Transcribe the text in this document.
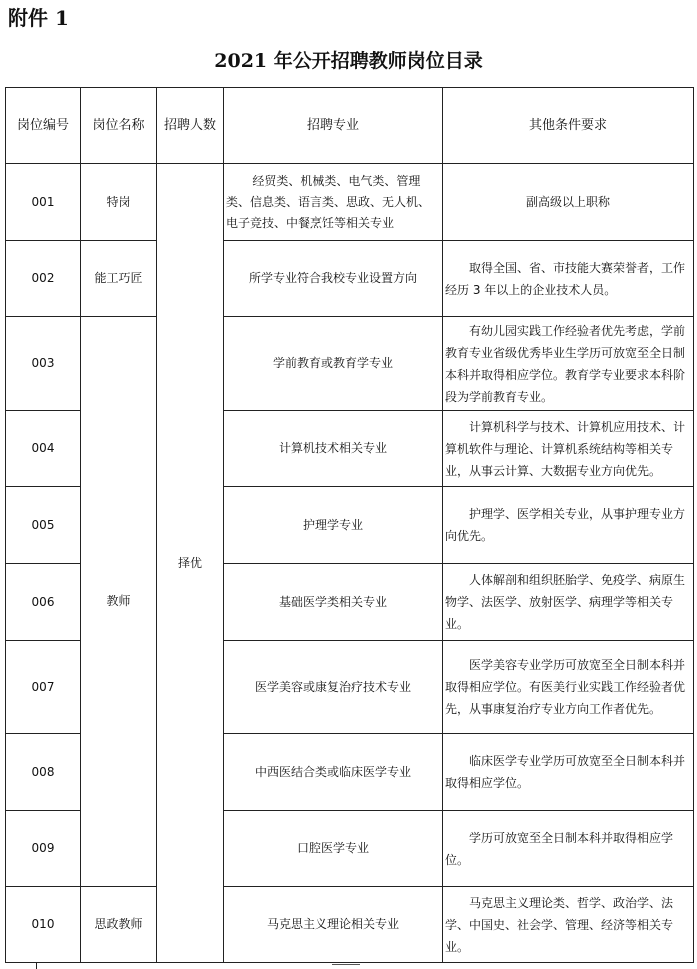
附件 1
2021 年公开招聘教师岗位目录
岗位编号	岗位名称	招聘人数	招聘专业	其他条件要求
001	特岗	择优	经贸类、机械类、电气类、管理类、信息类、语言类、思政、无人机、电子竞技、中餐烹饪等相关专业	副高级以上职称
002	能工巧匠		所学专业符合我校专业设置方向	取得全国、省、市技能大赛荣誉者，工作经历 3 年以上的企业技术人员。
003	教师		学前教育或教育学专业	有幼儿园实践工作经验者优先考虑，学前教育专业省级优秀毕业生学历可放宽至全日制本科并取得相应学位。教育学专业要求本科阶段为学前教育专业。
004			计算机技术相关专业	计算机科学与技术、计算机应用技术、计算机软件与理论、计算机系统结构等相关专业，从事云计算、大数据专业方向优先。
005			护理学专业	护理学、医学相关专业，从事护理专业方向优先。
006			基础医学类相关专业	人体解剖和组织胚胎学、免疫学、病原生物学、法医学、放射医学、病理学等相关专业。
007			医学美容或康复治疗技术专业	医学美容专业学历可放宽至全日制本科并取得相应学位。有医美行业实践工作经验者优先，从事康复治疗专业方向工作者优先。
008			中西医结合类或临床医学专业	临床医学专业学历可放宽至全日制本科并取得相应学位。
009			口腔医学专业	学历可放宽至全日制本科并取得相应学位。
010	思政教师		马克思主义理论相关专业	马克思主义理论类、哲学、政治学、法学、中国史、社会学、管理、经济等相关专业。
